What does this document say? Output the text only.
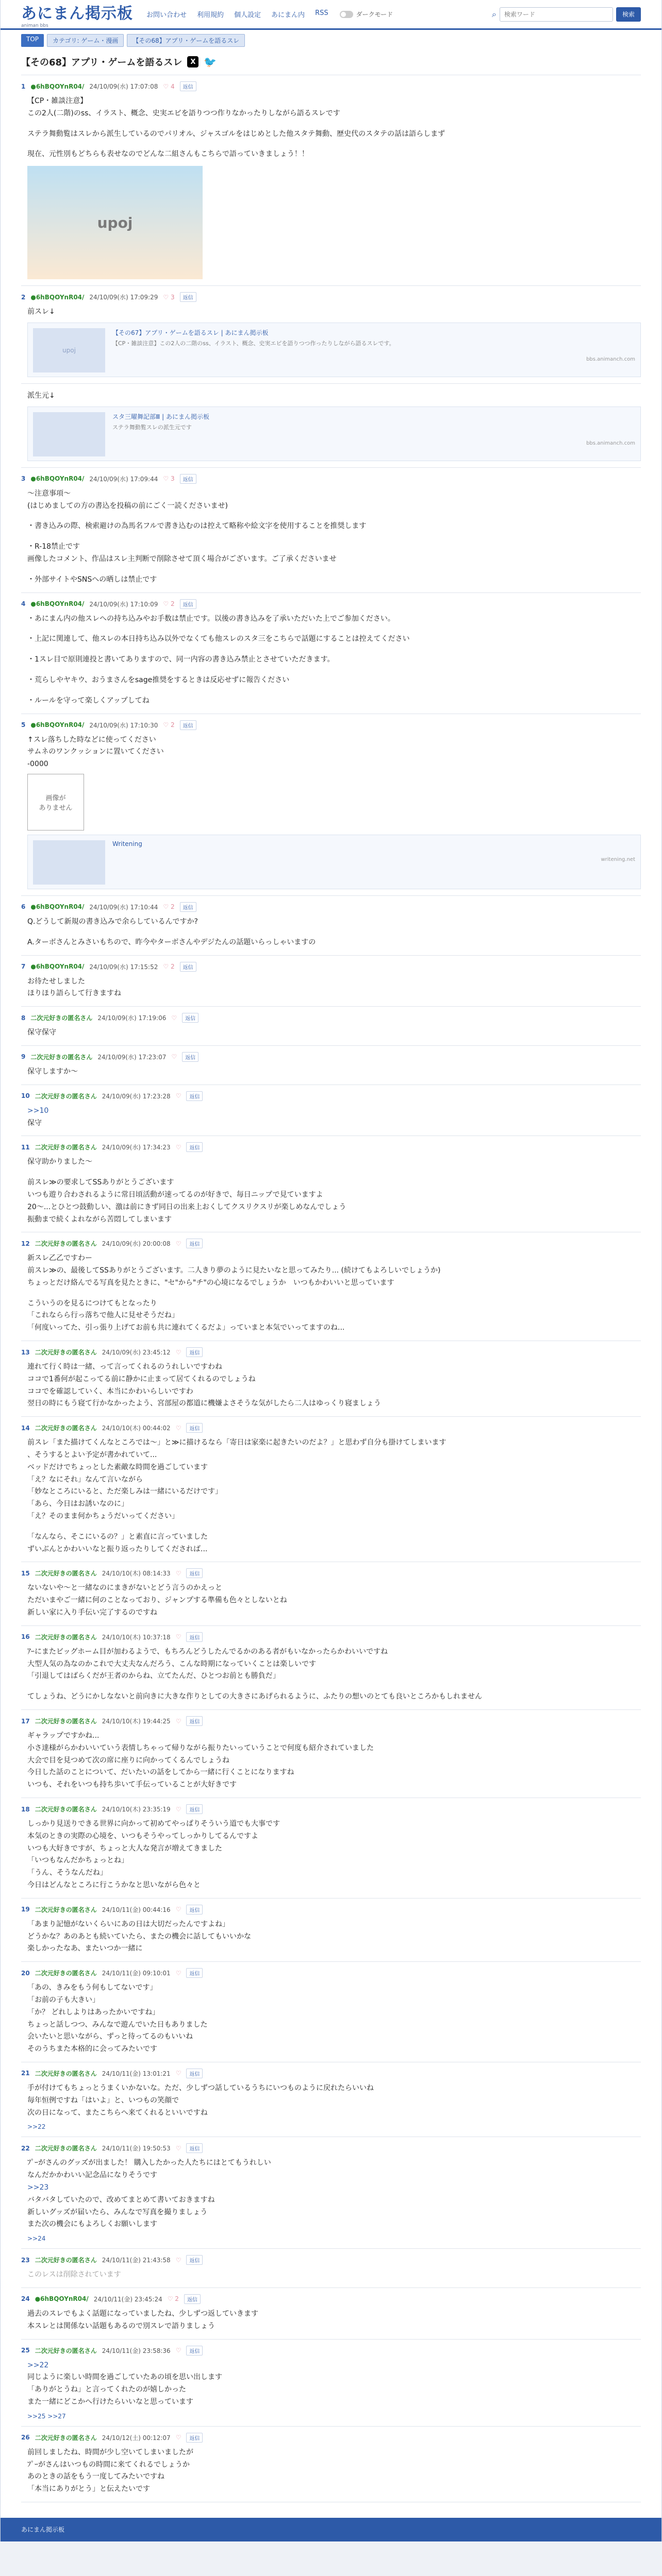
あにまん掲示板
animan bbs
お問い合わせ 利用規約 個人設定 あにまん内 RSS	ダークモード	⌕
検索ワード	検索
TOP	カテゴリ: ゲーム・漫画	【その68】アプリ・ゲームを語るスレ
【その68】アプリ・ゲームを語るスレ	X 🐦
1 ●6hBQOYnR04/ 24/10/09(水) 17:07:08 ♡ 4	返信

【CP・雑談注意】

この2人(二階)のss、イラスト、概念、史実エピを語りつつ作りなかったりしながら語るスレです

ステラ舞動覧はスレから派生しているのでパリオル、ジャスゴルをはじめとした他スタテ舞動、歴史代のスタテの話は語らしまず

現在、元性別もどちらも表せなのでどんな二組さんもこちらで語っていきましょう！！

upoj
2 ●6hBQOYnR04/ 24/10/09(水) 17:09:29 ♡ 3	返信

前スレ↓

upoj
【その67】アプリ・ゲームを語るスレ | あにまん掲示板
【CP・雑談注意】この2人の二階のss、イラスト、概念、史実エピを語りつつ作ったりしながら語るスレです。
bbs.animanch.com

派生元↓

スタ三曜舞記部Ⅲ | あにまん掲示板
ステラ舞動覧スレの派生元です
bbs.animanch.com
3 ●6hBQOYnR04/ 24/10/09(水) 17:09:44 ♡ 3	返信

～注意事項～

(はじめましての方の書込を投稿の前にごく一読くださいませ)

・書き込みの際、検索避けの為馬名フルで書き込むのは控えて略称や絵文字を使用することを推奨します

・R-18禁止です

画像したコメント、作品はスレ主判断で削除させて頂く場合がございます。ご了承くださいませ

・外部サイトやSNSへの晒しは禁止です

4 ●6hBQOYnR04/ 24/10/09(水) 17:10:09 ♡ 2	返信

・あにまん内の他スレへの持ち込みやお手数は禁止です。以後の書き込みを了承いただいた上でご参加ください。

・上記に関連して、他スレの本日持ち込み以外でなくても他スレのスタ三をこちらで話題にすることは控えてください

・1スレ目で原則連投と書いてありますので、同一内容の書き込み禁止とさせていただきます。

・荒らしやヤキウ、おうまさんをsage推奨をするときは反応せずに報告ください

・ルールを守って楽しくアップしてね

5 ●6hBQOYnR04/ 24/10/09(水) 17:10:30 ♡ 2	返信

↑スレ落ちした時などに使ってください

サムネのワンクッションに置いてください

-0000

画像が
ありません
Writening
writening.net
6 ●6hBQOYnR04/ 24/10/09(水) 17:10:44 ♡ 2	返信

Q.どうして新規の書き込みで余らしているんですか?

A.ターボさんとみさいもちので、昨今やターボさんやデジたんの話題いらっしゃいますの

7 ●6hBQOYnR04/ 24/10/09(水) 17:15:52 ♡ 2	返信

お待たせしました

ほりほり語らして行きますね

8 二次元好きの匿名さん 24/10/09(水) 17:19:06 ♡	返信

保守保守

9 二次元好きの匿名さん 24/10/09(水) 17:23:07 ♡	返信

保守しますか～

10 二次元好きの匿名さん 24/10/09(水) 17:23:28 ♡	返信

>>10

保守

11 二次元好きの匿名さん 24/10/09(水) 17:34:23 ♡	返信

保守助かりました～

前スレ≫の要求してSSありがとうございます

いつも遊り合わされるように常日頃活動が速ってるのが好きで、毎日ニップで見ていますよ

20～...とひとつ鼓動しい、激は前にきず同日の出来上おくしてクスリクスリが楽しめなんでしょう

振動まで続くよれながら苦悶してしまいます

12 二次元好きの匿名さん 24/10/09(水) 20:00:08 ♡	返信

新スレ乙乙ですわー

前スレ≫の、最後してSSありがとうございます。二人きり夢のように見たいなと思ってみたり... (続けてもよろしいでしょうか)

ちょっとだけ絡んでる写真を見たときに、"セ"から"チ"の心境になるでしょうか　いつもかわいいと思っています

こういうのを見るにつけてもとなったり

「これならら行っ落ちで他人に見せそうだね」

「何度いってた、引っ張り上げてお前も共に連れてくるだよ」っていまと本気でいってますのね...

13 二次元好きの匿名さん 24/10/09(水) 23:45:12 ♡	返信

連れて行く時は一緒、って言ってくれるのうれしいですわね

ココで1番何が起こってる前に静かに止まって居てくれるのでしょうね

ココでを確認していく、本当にかわいらしいですわ

翌日の時にもう寝て行かなかったよう、宮部屋の都道に機嫌よさそうな気がしたら二人はゆっくり寝ましょう

14 二次元好きの匿名さん 24/10/10(木) 00:44:02 ♡	返信

前スレ「また描けてくんなところでは～」と≫に描けるなら「寄日は家楽に起きたいのだよ？」と思わず自分も掛けてしまいます

、そうするとよい予定が書かれていて...

ベッドだけでちょっとした素敵な時間を過ごしています

「え？なにそれ」なんて言いながら

「妙なところにいると、ただ楽しみは一緒にいるだけです」

「あら、今日はお誘いなのに」

「え？そのまま何かちょうだいってください」

「なんなら、そこにいるの？」と素直に言っていました

ずいぶんとかわいいなと振り返ったりしてくだされば...

15 二次元好きの匿名さん 24/10/10(木) 08:14:33 ♡	返信

ないないや～と一緒なのにまきがないとどう言うのかえっと

ただいまやご一緒に何のことなっており、ジャンプする準備も色々としないとね

新しい家に入り手伝い完了するのですね

16 二次元好きの匿名さん 24/10/10(木) 10:37:18 ♡	返信

ｱｰにまたビッグホーム目が加わるようで、もちろんどうしたんでるかのある者がもいなかったらかわいいですね

大型人気の為なのかこれで大丈夫なんだろう、こんな時期になっていくことは楽しいです

「引退してはばらくだが王者のからね、立てたんだ、ひとつお前とも勝負だ」

てしょうね、どうにかしなないと前向きに大きな作りとしての大きさにあげられるように、ふたりの想いのとても良いところかもしれません

17 二次元好きの匿名さん 24/10/10(木) 19:44:25 ♡	返信

ギャラップですかね...

小さ達様がらかわいいていう表情しちゃって帰りながら振りたいっていうことで何度も紹介されていました

大会で目を見つめて次の席に座りに向かってくるんでしょうね

今日した話のことについて、だいたいの話をしてから一緒に行くことになりますね

いつも、それをいつも持ち歩いて手伝っていることが大好きです

18 二次元好きの匿名さん 24/10/10(木) 23:35:19 ♡	返信

しっかり見送りできる世界に向かって初めてやっぱりそういう道でも大事です

本気のときの実際の心境を、いつもそうやってしっかりしてるんですよ

いつも大好きですが、ちょっと大人な発言が増えてきました

「いつもなんだかちょっとね」

「うん、そうなんだね」

今日はどんなところに行こうかなと思いながら色々と

19 二次元好きの匿名さん 24/10/11(金) 00:44:16 ♡	返信

「あまり記憶がないくらいにあの日は大切だったんですよね」

どうかな？あのあとも続いていたら、またの機会に話してもいいかな

楽しかったなあ、またいつか一緒に

20 二次元好きの匿名さん 24/10/11(金) 09:10:01 ♡	返信

「あの、きみをもう何もしてないです」

「お前の子も大きい」

「か？ どれしよりはあったかいですね」

ちょっと話しつつ、みんなで遊んでいた日もありました

会いたいと思いながら、ずっと待ってるのもいいね

そのうちまた本格的に会ってみたいです

21 二次元好きの匿名さん 24/10/11(金) 13:01:21 ♡	返信

手が付けてもちょっとうまくいかないな。ただ、少しずつ話しているうちにいつものように戻れたらいいね

毎年恒例ですね「はいよ」と、いつもの笑顔で

次の日になって、またこちらへ来てくれるといいですね

>>22
22 二次元好きの匿名さん 24/10/11(金) 19:50:53 ♡	返信

ﾌﾟｰがさんのグッズが出ました！ 購入したかった人たちにはとてもうれしい

なんだかかわいい記念品になりそうです

>>23

バタバタしていたので、改めてまとめて書いておきますね

新しいグッズが届いたら、みんなで写真を撮りましょう

また次の機会にもよろしくお願いします

>>24
23 二次元好きの匿名さん 24/10/11(金) 21:43:58 ♡	返信

このレスは削除されています

24 ●6hBQOYnR04/ 24/10/11(金) 23:45:24 ♡ 2	返信

過去のスレでもよく話題になっていましたね、少しずつ返していきます

本スレとは関係ない話題もあるので別スレで語りましょう

25 二次元好きの匿名さん 24/10/11(金) 23:58:36 ♡	返信

>>22

同じように楽しい時間を過ごしていたあの頃を思い出します

「ありがとうね」と言ってくれたのが嬉しかった

また一緒にどこかへ行けたらいいなと思っています

>>25 >>27
26 二次元好きの匿名さん 24/10/12(土) 00:12:07 ♡	返信

前回しましたね、時間が少し空いてしまいましたが

ﾌﾟｰがさんはいつもの時間に来てくれるでしょうか

あのときの話をもう一度してみたいですね

「本当にありがとう」と伝えたいです

あにまん掲示板
